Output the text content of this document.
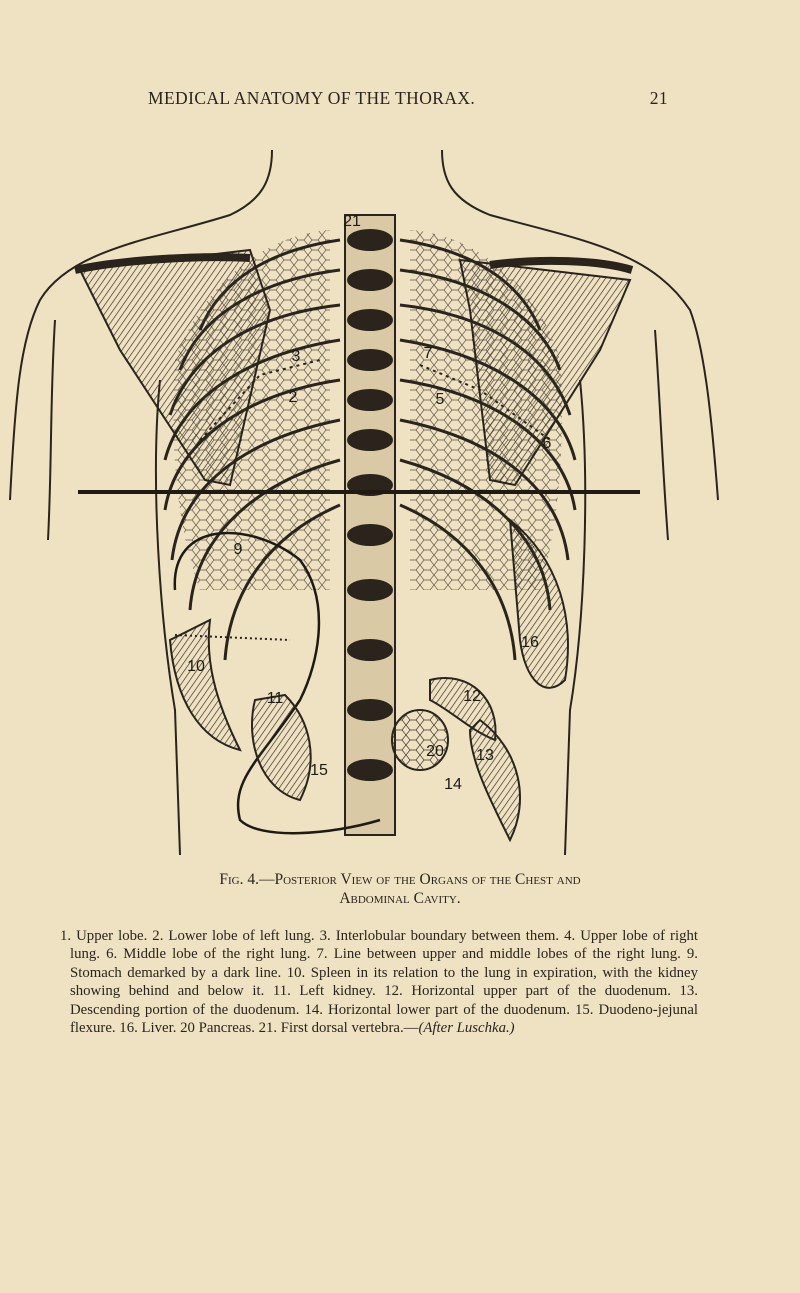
MEDICAL ANATOMY OF THE THORAX.	21
21
3
2
7
5
6
9
10
11	12
13
14
15
16
20
Fig. 4.—Posterior View of the Organs of the Chest and
Abdominal Cavity.
1. Upper lobe. 2. Lower lobe of left lung. 3. Interlobular boundary between them. 4. Upper lobe of right lung. 6. Middle lobe of the right lung. 7. Line between upper and middle lobes of the right lung. 9. Stomach demarked by a dark line. 10. Spleen in its relation to the lung in expiration, with the kidney showing behind and below it. 11. Left kidney. 12. Horizontal upper part of the duodenum. 13. Descending portion of the duodenum. 14. Horizontal lower part of the duodenum. 15. Duodeno-jejunal flexure. 16. Liver. 20 Pancreas. 21. First dorsal vertebra.—(After Luschka.)
